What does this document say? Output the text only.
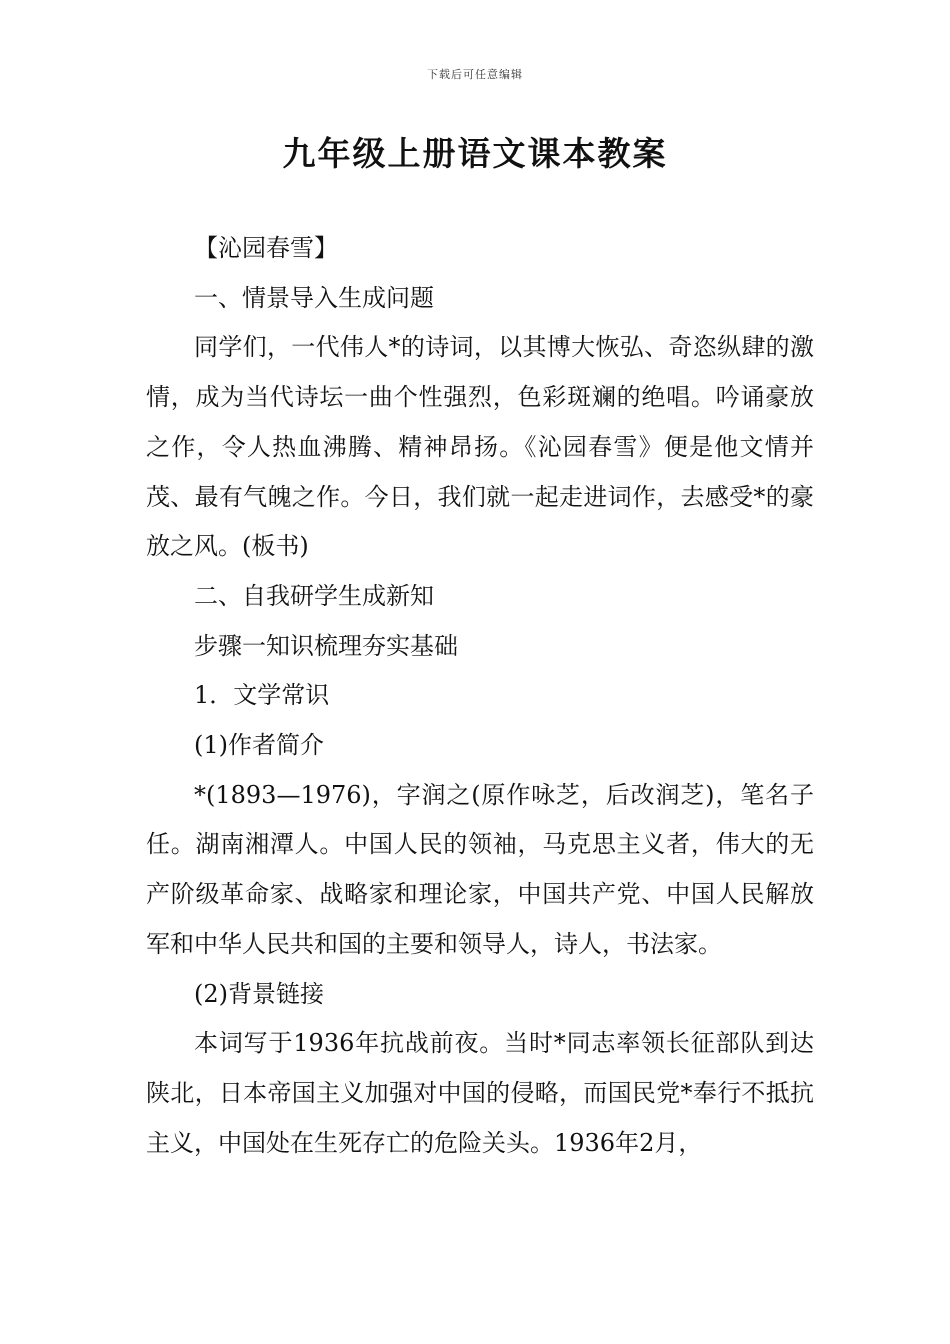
下载后可任意编辑
九年级上册语文课本教案

【沁园春雪】

一、情景导入生成问题

同学们，一代伟人*的诗词，以其博大恢弘、奇恣纵肆的激情，成为当代诗坛一曲个性强烈，色彩斑斓的绝唱。吟诵豪放之作，令人热血沸腾、精神昂扬。《沁园春雪》便是他文情并茂、最有气魄之作。今日，我们就一起走进词作，去感受*的豪放之风。(板书)

二、自我研学生成新知

步骤一知识梳理夯实基础

1．文学常识

(1)作者简介

*(1893—1976)，字润之(原作咏芝，后改润芝)，笔名子任。湖南湘潭人。中国人民的领袖，马克思主义者，伟大的无产阶级革命家、战略家和理论家，中国共产党、中国人民解放军和中华人民共和国的主要和领导人，诗人，书法家。

(2)背景链接

本词写于1936年抗战前夜。当时*同志率领长征部队到达陕北，日本帝国主义加强对中国的侵略，而国民党*奉行不抵抗主义，中国处在生死存亡的危险关头。1936年2月，
